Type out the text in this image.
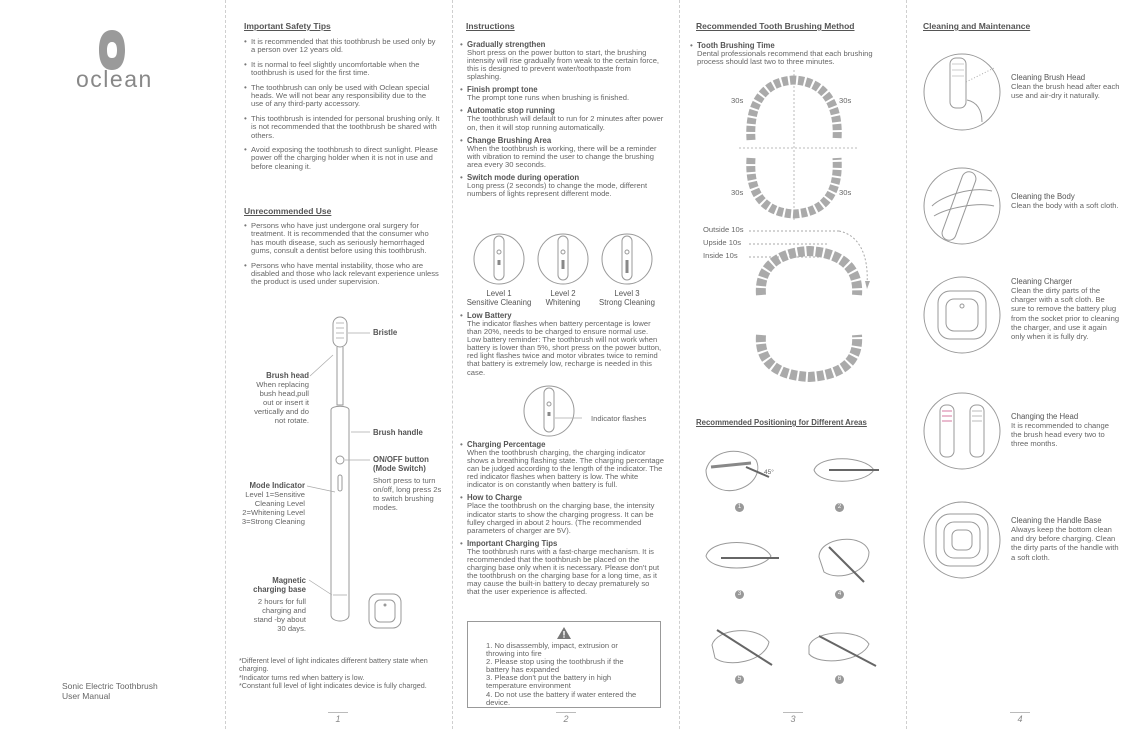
oclean
Sonic Electric Toothbrush
User Manual
Important Safety Tips
• It is recommended that this toothbrush be used only by a person over 12 years old.
• It is normal to feel slightly uncomfortable when the toothbrush is used for the first time.
• The toothbrush can only be used with Oclean special heads. We will not bear any responsibility due to the use of any third-party accessory.
• This toothbrush is intended for personal brushing only. It is not recommended that the toothbrush be shared with others.
• Avoid exposing the toothbrush to direct sunlight. Please power off the charging holder when it is not in use and before cleaning it.
Unrecommended Use
• Persons who have just undergone oral surgery for treatment. It is recommended that the consumer who has mouth disease, such as seriously hemorrhaged gums, consult a dentist before using this toothbrush.
• Persons who have mental instability, those who are disabled and those who lack relevant experience unless the product is used under supervision.
Bristle
Brush head
When replacing bush head,pull out or insert it vertically and do not rotate.
Brush handle
ON/OFF button (Mode Switch)

Short press to turn on/off, long press 2s to switch brushing modes.
Mode Indicator
Level 1=Sensitive Cleaning Level 2=Whitening Level 3=Strong Cleaning
Magnetic charging base

2 hours for full charging and stand -by about 30 days.
*Different level of light indicates different battery state when charging.
*Indicator turns red when battery is low.
*Constant full level of light indicates device is fully charged.
1
Instructions
• Gradually strengthen
Short press on the power button to start, the brushing intensity will rise gradually from weak to the certain force, this is designed to prevent water/toothpaste from splashing.
• Finish prompt tone
The prompt tone runs when brushing is finished.
• Automatic stop running
The toothbrush will default to run for 2 minutes after power on, then it will stop running automatically.
• Change Brushing Area
When the toothbrush is working, there will be a reminder with vibration to remind the user to change the brushing area every 30 seconds.
• Switch mode during operation
Long press (2 seconds) to change the mode, different numbers of lights represent different mode.
Level 1
Sensitive Cleaning
Level 2
Whitening
Level 3
Strong Cleaning
• Low Battery
The indicator flashes when battery percentage is lower than 20%, needs to be charged to ensure normal use. Low battery reminder: The toothbrush will not work when battery is lower than 5%, short press on the power button, red light flashes twice and motor vibrates twice to remind that battery is extremely low, recharge is needed in this case.
Indicator flashes
• Charging Percentage
When the toothbrush charging, the charging indicator shows a breathing flashing state. The charging percentage can be judged according to the length of the indicator. The red indicator flashes when battery is low. The white indicator is on constantly when battery is full.
• How to Charge
Place the toothbrush on the charging base, the intensity indicator starts to show the charging progress. It can be fulley charged in about 2 hours. (The recommended parameters of charger are 5V).
• Important Charging Tips
The toothbrush runs with a fast-charge mechanism. It is recommended that the toothbrush be placed on the charging base only when it is necessary. Please don't put the toothbrush on the charging base for a long time, as it may cause the built-in battery to decay prematurely so that the user experience is affected.
1. No disassembly, impact, extrusion or throwing into fire
2. Please stop using the toothbrush if the battery has expanded
3. Please don't put the battery in high temperature environment
4. Do not use the battery if water entered the device.
2
Recommended Tooth Brushing Method
• Tooth Brushing Time
Dental professionals recommend that each brushing process should last two to three minutes.
30s	30s
30s	30s
Outside 10s
Upside 10s
Inside 10s
Recommended Positioning for Different Areas
45°
1	2
3	4
5	6
3
Cleaning and Maintenance
Cleaning Brush Head
Clean the brush head after each use and air-dry it naturally.
Cleaning the Body
Clean the body with a soft cloth.
Cleaning Charger
Clean the dirty parts of the charger with a soft cloth. Be sure to remove the battery plug from the socket prior to cleaning the charger, and use it again only when it is fully dry.
Changing the Head
It is recommended to change the brush head every two to three months.
Cleaning the Handle Base
Always keep the bottom clean and dry before charging. Clean the dirty parts of the handle with a soft cloth.
4
